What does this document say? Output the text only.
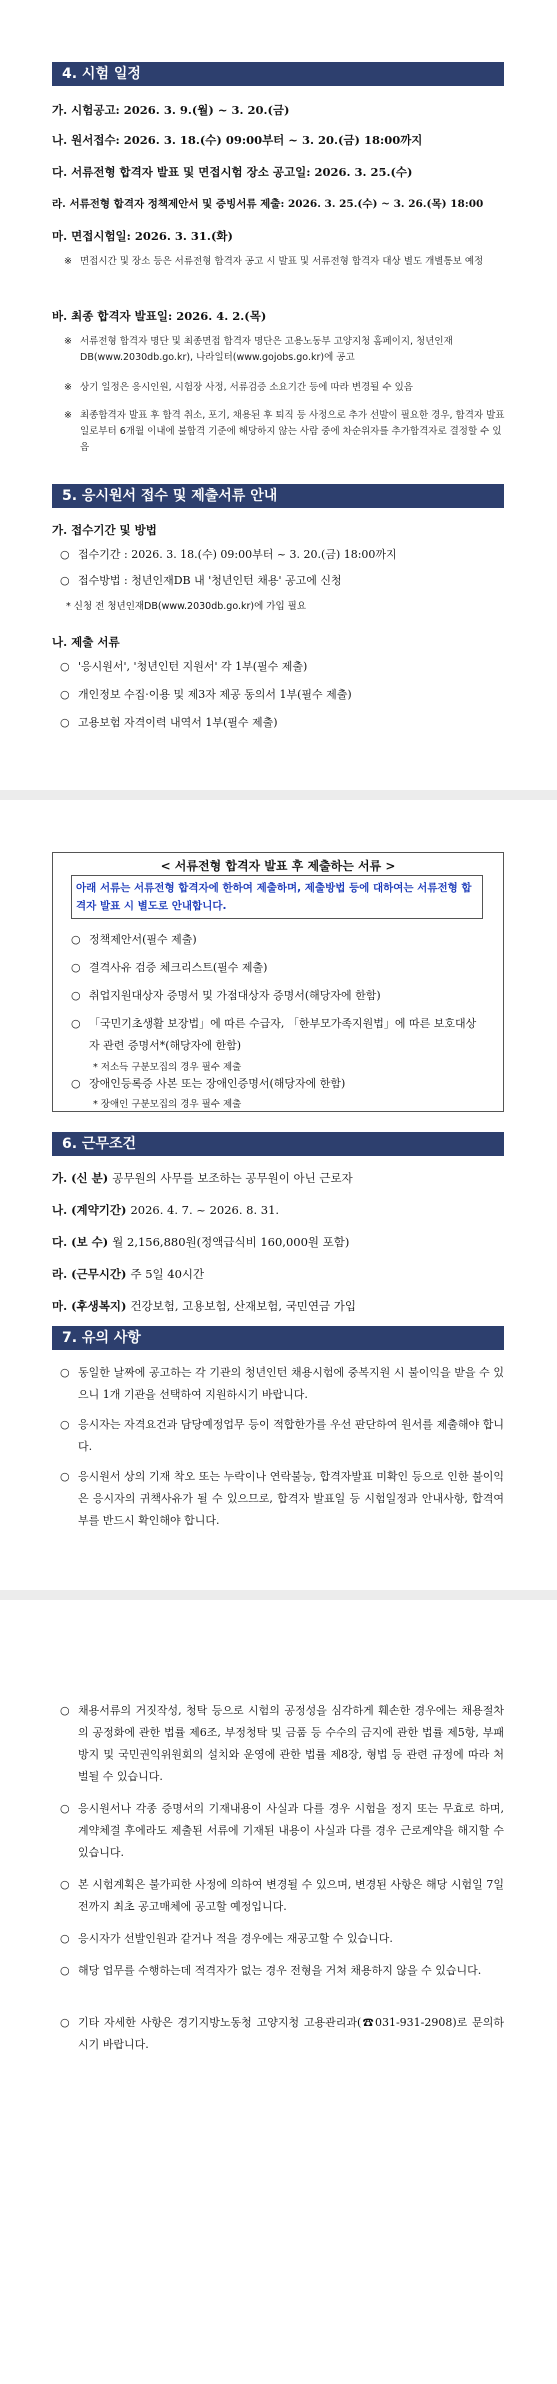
4. 시험 일정
가. 시험공고: 2026. 3. 9.(월) ~ 3. 20.(금)
나. 원서접수: 2026. 3. 18.(수) 09:00부터 ~ 3. 20.(금) 18:00까지
다. 서류전형 합격자 발표 및 면접시험 장소 공고일: 2026. 3. 25.(수)
라. 서류전형 합격자 정책제안서 및 증빙서류 제출: 2026. 3. 25.(수) ~ 3. 26.(목) 18:00
마. 면접시험일: 2026. 3. 31.(화)
※ 면접시간 및 장소 등은 서류전형 합격자 공고 시 발표 및 서류전형 합격자 대상 별도 개별통보 예정
바. 최종 합격자 발표일: 2026. 4. 2.(목)
※ 서류전형 합격자 명단 및 최종면접 합격자 명단은 고용노동부 고양지청 홈페이지, 청년인재DB(www.2030db.go.kr), 나라일터(www.gojobs.go.kr)에 공고
※ 상기 일정은 응시인원, 시험장 사정, 서류검증 소요기간 등에 따라 변경될 수 있음
※ 최종합격자 발표 후 합격 취소, 포기, 채용된 후 퇴직 등 사정으로 추가 선발이 필요한 경우, 합격자 발표일로부터 6개월 이내에 불합격 기준에 해당하지 않는 사람 중에 차순위자를 추가합격자로 결정할 수 있음
5. 응시원서 접수 및 제출서류 안내
가. 접수기간 및 방법
○ 접수기간 : 2026. 3. 18.(수) 09:00부터 ~ 3. 20.(금) 18:00까지
○ 접수방법 : 청년인재DB 내 '청년인턴 채용' 공고에 신청
* 신청 전 청년인재DB(www.2030db.go.kr)에 가입 필요
나. 제출 서류
○ '응시원서', '청년인턴 지원서' 각 1부(필수 제출)
○ 개인정보 수집·이용 및 제3자 제공 동의서 1부(필수 제출)
○ 고용보험 자격이력 내역서 1부(필수 제출)
< 서류전형 합격자 발표 후 제출하는 서류 >
아래 서류는 서류전형 합격자에 한하여 제출하며, 제출방법 등에 대하여는 서류전형 합격자 발표 시 별도로 안내합니다.
○ 정책제안서(필수 제출)
○ 결격사유 검증 체크리스트(필수 제출)
○ 취업지원대상자 증명서 및 가점대상자 증명서(해당자에 한함)
○ 「국민기초생활 보장법」에 따른 수급자, 「한부모가족지원법」에 따른 보호대상자 관련 증명서*(해당자에 한함)
* 저소득 구분모집의 경우 필수 제출
○ 장애인등록증 사본 또는 장애인증명서(해당자에 한함)
* 장애인 구분모집의 경우 필수 제출
6. 근무조건
가. (신 분) 공무원의 사무를 보조하는 공무원이 아닌 근로자
나. (계약기간) 2026. 4. 7. ~ 2026. 8. 31.
다. (보 수) 월 2,156,880원(정액급식비 160,000원 포함)
라. (근무시간) 주 5일 40시간
마. (후생복지) 건강보험, 고용보험, 산재보험, 국민연금 가입
7. 유의 사항
○ 동일한 날짜에 공고하는 각 기관의 청년인턴 채용시험에 중복지원 시 불이익을 받을 수 있으니 1개 기관을 선택하여 지원하시기 바랍니다.
○ 응시자는 자격요건과 담당예정업무 등이 적합한가를 우선 판단하여 원서를 제출해야 합니다.
○ 응시원서 상의 기재 착오 또는 누락이나 연락불능, 합격자발표 미확인 등으로 인한 불이익은 응시자의 귀책사유가 될 수 있으므로, 합격자 발표일 등 시험일정과 안내사항, 합격여부를 반드시 확인해야 합니다.
○ 채용서류의 거짓작성, 청탁 등으로 시험의 공정성을 심각하게 훼손한 경우에는 채용절차의 공정화에 관한 법률 제6조, 부정청탁 및 금품 등 수수의 금지에 관한 법률 제5항, 부패방지 및 국민권익위원회의 설치와 운영에 관한 법률 제8장, 형법 등 관련 규정에 따라 처벌될 수 있습니다.
○ 응시원서나 각종 증명서의 기재내용이 사실과 다를 경우 시험을 정지 또는 무효로 하며, 계약체결 후에라도 제출된 서류에 기재된 내용이 사실과 다를 경우 근로계약을 해지할 수 있습니다.
○ 본 시험계획은 불가피한 사정에 의하여 변경될 수 있으며, 변경된 사항은 해당 시험일 7일 전까지 최초 공고매체에 공고할 예정입니다.
○ 응시자가 선발인원과 같거나 적을 경우에는 재공고할 수 있습니다.
○ 해당 업무를 수행하는데 적격자가 없는 경우 전형을 거쳐 채용하지 않을 수 있습니다.
○ 기타 자세한 사항은 경기지방노동청 고양지청 고용관리과(☎031-931-2908)로 문의하시기 바랍니다.
